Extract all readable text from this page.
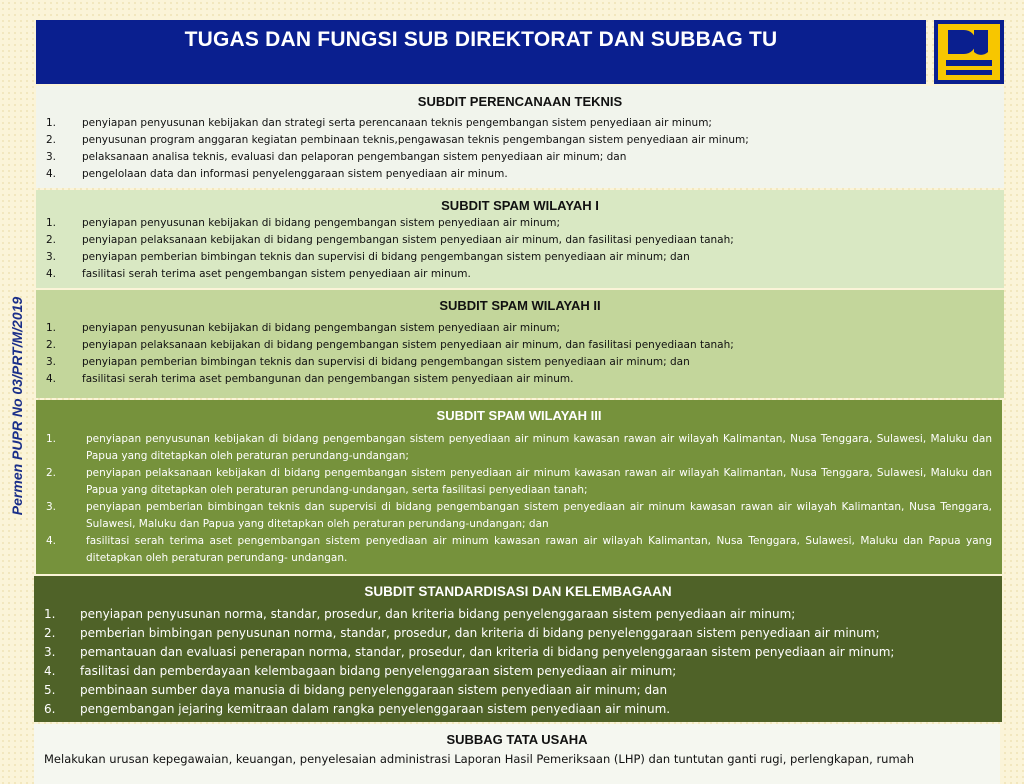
TUGAS DAN FUNGSI SUB DIREKTORAT DAN SUBBAG TU
Permen PUPR No 03/PRT/M/2019
SUBDIT PERENCANAAN TEKNIS
1. penyiapan penyusunan kebijakan dan strategi serta perencanaan teknis pengembangan sistem penyediaan air minum;
2. penyusunan program anggaran kegiatan pembinaan teknis,pengawasan teknis pengembangan sistem penyediaan air minum;
3. pelaksanaan analisa teknis, evaluasi dan pelaporan pengembangan sistem penyediaan air minum; dan
4. pengelolaan data dan informasi penyelenggaraan sistem penyediaan air minum.
SUBDIT SPAM WILAYAH I
1. penyiapan penyusunan kebijakan di bidang pengembangan sistem penyediaan air minum;
2. penyiapan pelaksanaan kebijakan di bidang pengembangan sistem penyediaan air minum, dan fasilitasi penyediaan tanah;
3. penyiapan pemberian bimbingan teknis dan supervisi di bidang pengembangan sistem penyediaan air minum; dan
4. fasilitasi serah terima aset pengembangan sistem penyediaan air minum.
SUBDIT SPAM WILAYAH II
1. penyiapan penyusunan kebijakan di bidang pengembangan sistem penyediaan air minum;
2. penyiapan pelaksanaan kebijakan di bidang pengembangan sistem penyediaan air minum, dan fasilitasi penyediaan tanah;
3. penyiapan pemberian bimbingan teknis dan supervisi di bidang pengembangan sistem penyediaan air minum; dan
4. fasilitasi serah terima aset pembangunan dan pengembangan sistem penyediaan air minum.
SUBDIT SPAM WILAYAH III
1.	penyiapan penyusunan kebijakan di bidang pengembangan sistem penyediaan air minum kawasan rawan air wilayah Kalimantan, Nusa Tenggara, Sulawesi, Maluku dan Papua yang ditetapkan oleh peraturan perundang-undangan;
2.	penyiapan pelaksanaan kebijakan di bidang pengembangan sistem penyediaan air minum kawasan rawan air wilayah Kalimantan, Nusa Tenggara, Sulawesi, Maluku dan Papua yang ditetapkan oleh peraturan perundang-undangan, serta fasilitasi penyediaan tanah;
3.	penyiapan pemberian bimbingan teknis dan supervisi di bidang pengembangan sistem penyediaan air minum kawasan rawan air wilayah Kalimantan, Nusa Tenggara, Sulawesi, Maluku dan Papua yang ditetapkan oleh peraturan perundang-undangan; dan
4.	fasilitasi serah terima aset pengembangan sistem penyediaan air minum kawasan rawan air wilayah Kalimantan, Nusa Tenggara, Sulawesi, Maluku dan Papua yang ditetapkan oleh peraturan perundang- undangan.
SUBDIT STANDARDISASI DAN KELEMBAGAAN
1. penyiapan penyusunan norma, standar, prosedur, dan kriteria bidang penyelenggaraan sistem penyediaan air minum;
2. pemberian bimbingan penyusunan norma, standar, prosedur, dan kriteria di bidang penyelenggaraan sistem penyediaan air minum;
3. pemantauan dan evaluasi penerapan norma, standar, prosedur, dan kriteria di bidang penyelenggaraan sistem penyediaan air minum;
4. fasilitasi dan pemberdayaan kelembagaan bidang penyelenggaraan sistem penyediaan air minum;
5. pembinaan sumber daya manusia di bidang penyelenggaraan sistem penyediaan air minum; dan
6. pengembangan jejaring kemitraan dalam rangka penyelenggaraan sistem penyediaan air minum.
SUBBAG TATA USAHA

Melakukan urusan kepegawaian, keuangan, penyelesaian administrasi Laporan Hasil Pemeriksaan (LHP) dan tuntutan ganti rugi, perlengkapan, rumah
